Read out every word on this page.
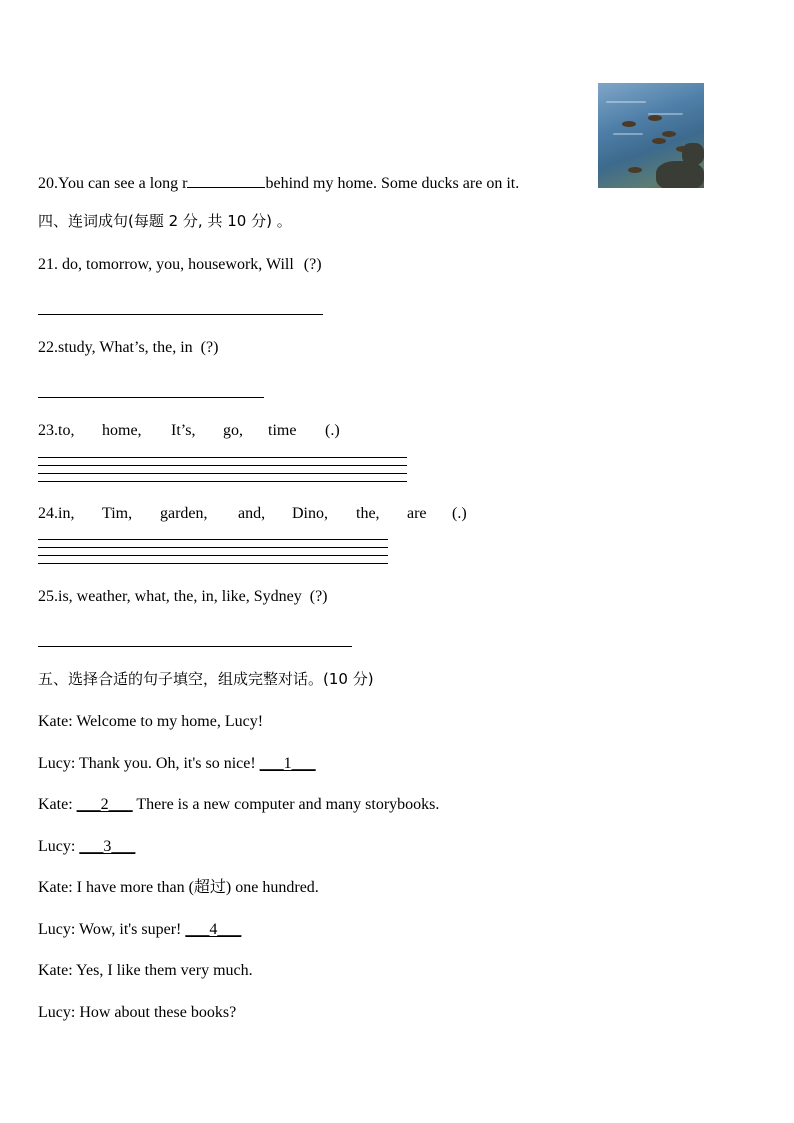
20.You can see a long r	behind my home. Some ducks are on it.
四、连词成句(每题 2 分, 共 10 分) 。
21. do, tomorrow, you, housework, Will (?)
22.study, What’s, the, in (?)
23.to, home, It’s, go, time (.)
24.in, Tim, garden, and, Dino, the, are (.)
25.is, weather, what, the, in, like, Sydney (?)
五、选择合适的句子填空，组成完整对话。(10 分)
Kate: Welcome to my home, Lucy!
Lucy: Thank you. Oh, it's so nice! ___1___
Kate: ___2___ There is a new computer and many storybooks.
Lucy: ___3___
Kate: I have more than (超过) one hundred.
Lucy: Wow, it's super! ___4___
Kate: Yes, I like them very much.
Lucy: How about these books?
